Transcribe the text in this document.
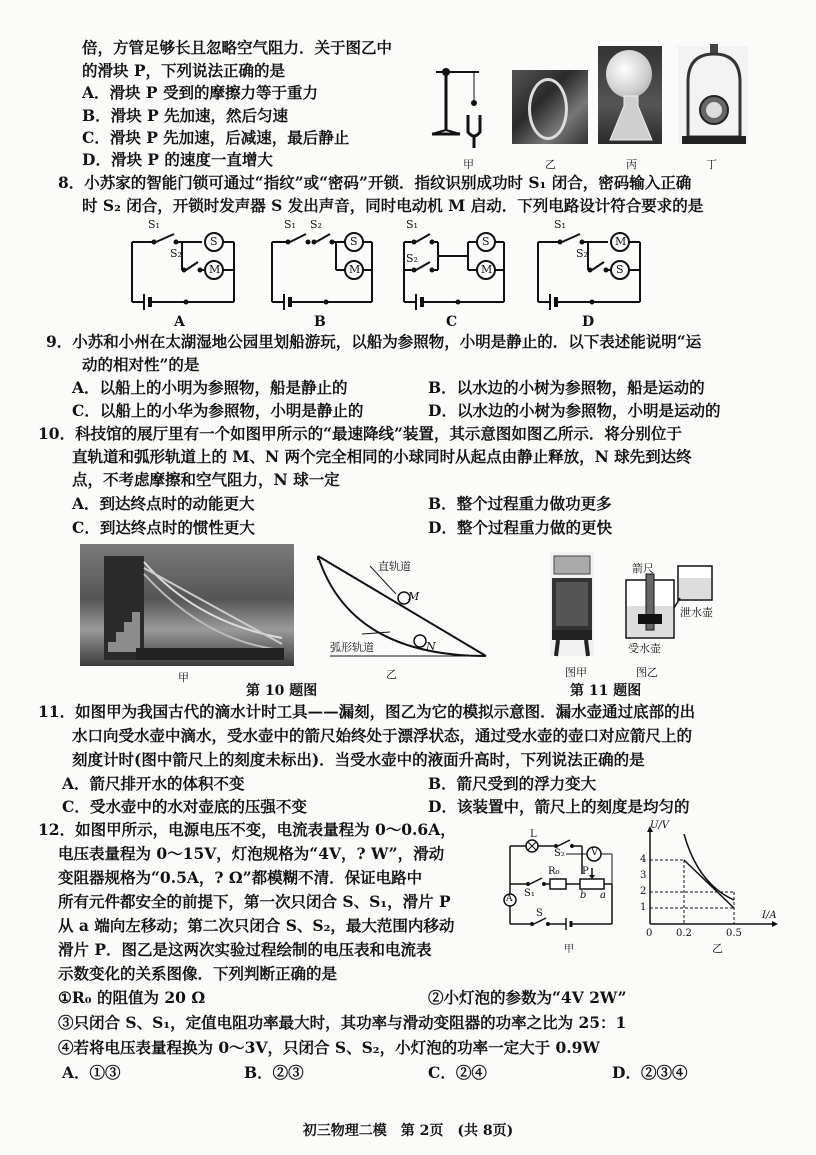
倍，方管足够长且忽略空气阻力．关于图乙中
的滑块 P，下列说法正确的是
A．滑块 P 受到的摩擦力等于重力
B．滑块 P 先加速，然后匀速
C．滑块 P 先加速，后减速，最后静止
D．滑块 P 的速度一直增大	甲	乙	丙	丁
8．小苏家的智能门锁可通过“指纹”或“密码”开锁．指纹识别成功时 S₁ 闭合，密码输入正确
时 S₂ 闭合，开锁时发声器 S 发出声音，同时电动机 M 启动．下列电路设计符合要求的是
S₁
S₂
S
M
A
S₁ S₂
S
M
B
S₁
S₂
S
M
C
S₁
S₂
M
S
D
9．小苏和小州在太湖湿地公园里划船游玩，以船为参照物，小明是静止的．以下表述能说明“运
动的相对性”的是
A．以船上的小明为参照物，船是静止的	B．以水边的小树为参照物，船是运动的
C．以船上的小华为参照物，小明是静止的	D．以水边的小树为参照物，小明是运动的
10．科技馆的展厅里有一个如图甲所示的“最速降线”装置，其示意图如图乙所示．将分别位于
直轨道和弧形轨道上的 M、N 两个完全相同的小球同时从起点由静止释放，N 球先到达终
点，不考虑摩擦和空气阻力，N 球一定
A．到达终点时的动能更大	B．整个过程重力做功更多
C．到达终点时的惯性更大	D．整个过程重力做的更快
甲
直轨道
M
弧形轨道	N
乙
第 10 题图
图甲
箭尺
泄水壶
受水壶
图乙
第 11 题图
11．如图甲为我国古代的滴水计时工具——漏刻，图乙为它的模拟示意图．漏水壶通过底部的出
水口向受水壶中滴水，受水壶中的箭尺始终处于漂浮状态，通过受水壶的壶口对应箭尺上的
刻度计时(图中箭尺上的刻度未标出)．当受水壶中的液面升高时，下列说法正确的是
A．箭尺排开水的体积不变	B．箭尺受到的浮力变大
C．受水壶中的水对壶底的压强不变	D．该装置中，箭尺上的刻度是均匀的
12．如图甲所示，电源电压不变，电流表量程为 0～0.6A，
电压表量程为 0～15V，灯泡规格为“4V，? W”，滑动
变阻器规格为“0.5A，? Ω”都模糊不清．保证电路中
所有元件都安全的前提下，第一次只闭合 S、S₁，滑片 P
从 a 端向左移动；第二次只闭合 S、S₂，最大范围内移动
滑片 P．图乙是这两次实验过程绘制的电压表和电流表
示数变化的关系图像．下列判断正确的是
①R₀ 的阻值为 20 Ω	②小灯泡的参数为“4V 2W”
③只闭合 S、S₁，定值电阻功率最大时，其功率与滑动变阻器的功率之比为 25：1
④若将电压表量程换为 0～3V，只闭合 S、S₂，小灯泡的功率一定大于 0.9W
A．①③	B．②③	C．②④	D．②③④
L
S₂	V
R₀ P
S₁	b a
A
S
甲
U/V
I/A
4
3
2
1
0 0.2	0.5
乙
初三物理二模　第 2页　(共 8页)
